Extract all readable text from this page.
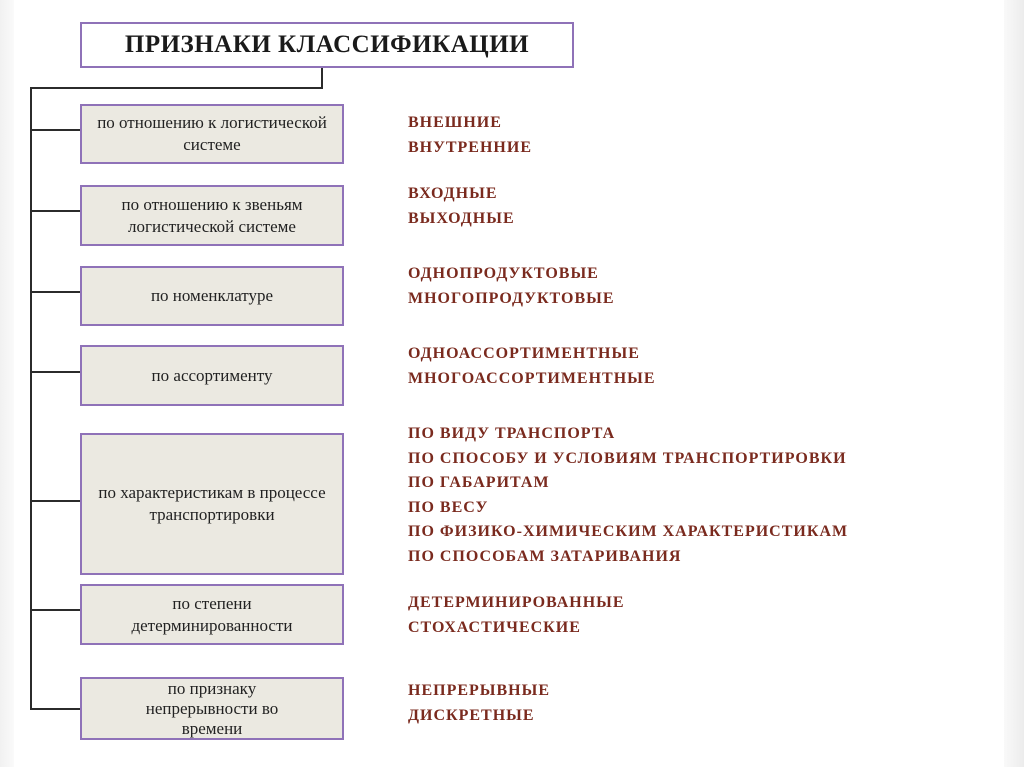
ПРИЗНАКИ КЛАССИФИКАЦИИ
по отношению к логистической системе
по отношению к звеньям логистической системе
по номенклатуре
по ассортименту
по характеристикам в процессе транспортировки
по степени детерминированности
по признаку непрерывности во времени
ВНЕШНИЕ
ВНУТРЕННИЕ
ВХОДНЫЕ
ВЫХОДНЫЕ
ОДНОПРОДУКТОВЫЕ
МНОГОПРОДУКТОВЫЕ
ОДНОАССОРТИМЕНТНЫЕ
МНОГОАССОРТИМЕНТНЫЕ
ПО ВИДУ ТРАНСПОРТА
ПО СПОСОБУ И УСЛОВИЯМ ТРАНСПОРТИРОВКИ
ПО ГАБАРИТАМ
ПО ВЕСУ
ПО ФИЗИКО-ХИМИЧЕСКИМ ХАРАКТЕРИСТИКАМ
ПО СПОСОБАМ ЗАТАРИВАНИЯ
ДЕТЕРМИНИРОВАННЫЕ
СТОХАСТИЧЕСКИЕ
НЕПРЕРЫВНЫЕ
ДИСКРЕТНЫЕ
